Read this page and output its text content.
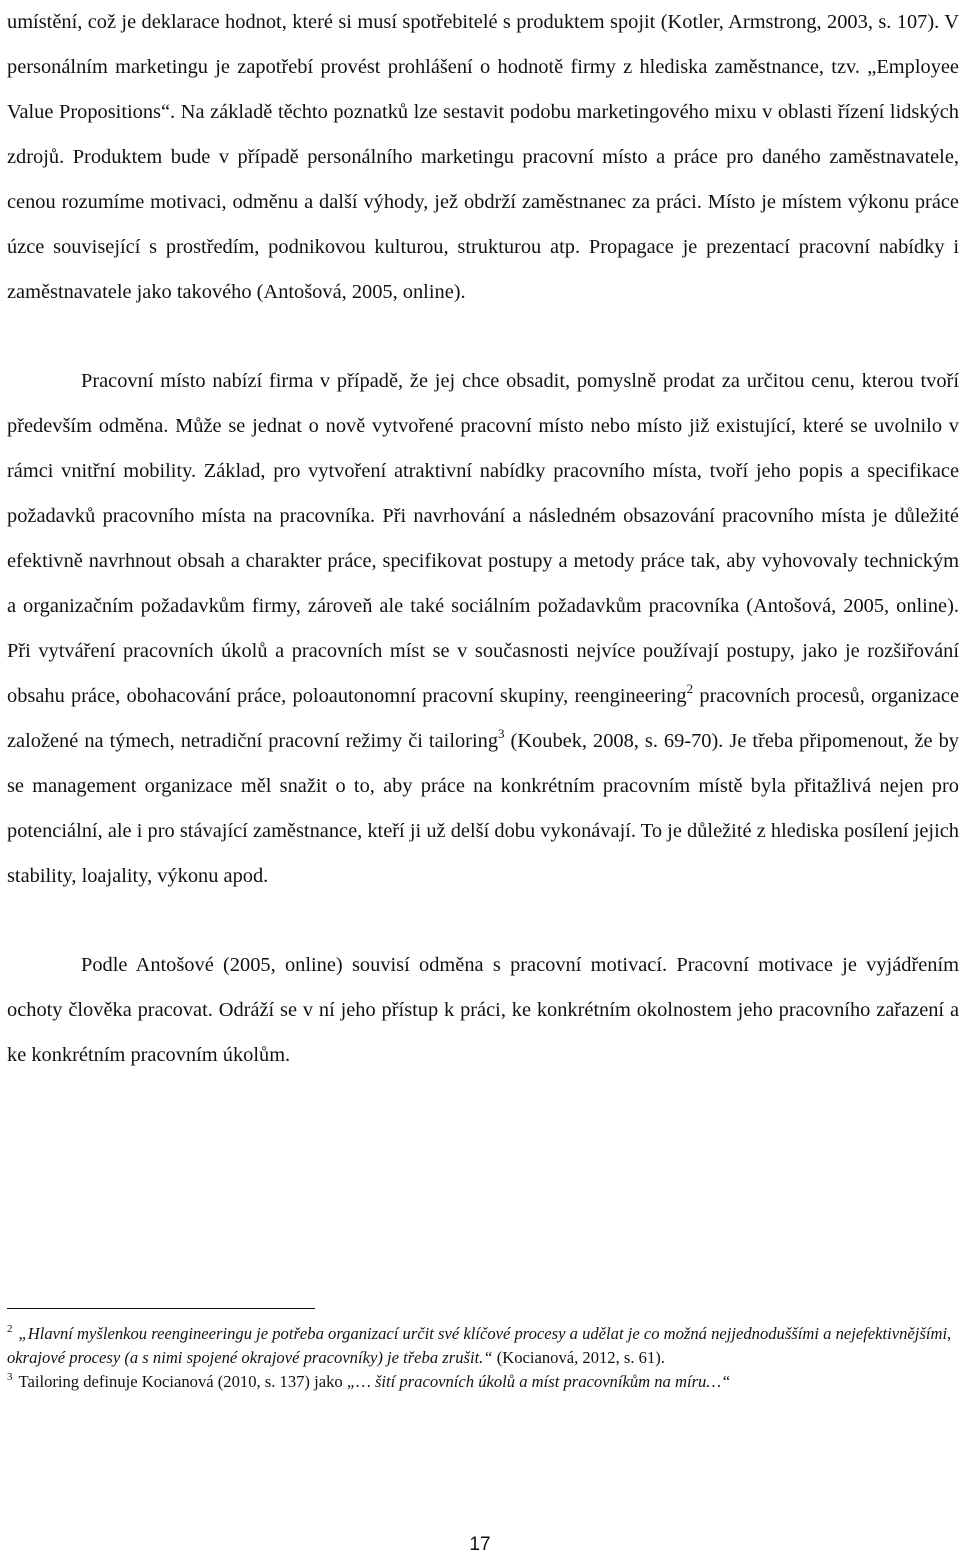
umístění, což je deklarace hodnot, které si musí spotřebitelé s produktem spojit (Kotler, Armstrong, 2003, s. 107). V personálním marketingu je zapotřebí provést prohlášení o hodnotě firmy z hlediska zaměstnance, tzv. „Employee Value Propositions“. Na základě těchto poznatků lze sestavit podobu marketingového mixu v oblasti řízení lidských zdrojů. Produktem bude v případě personálního marketingu pracovní místo a práce pro daného zaměstnavatele, cenou rozumíme motivaci, odměnu a další výhody, jež obdrží zaměstnanec za práci. Místo je místem výkonu práce úzce související s prostředím, podnikovou kulturou, strukturou atp. Propagace je prezentací pracovní nabídky i zaměstnavatele jako takového (Antošová, 2005, online).

Pracovní místo nabízí firma v případě, že jej chce obsadit, pomyslně prodat za určitou cenu, kterou tvoří především odměna. Může se jednat o nově vytvořené pracovní místo nebo místo již existující, které se uvolnilo v rámci vnitřní mobility. Základ, pro vytvoření atraktivní nabídky pracovního místa, tvoří jeho popis a specifikace požadavků pracovního místa na pracovníka. Při navrhování a následném obsazování pracovního místa je důležité efektivně navrhnout obsah a charakter práce, specifikovat postupy a metody práce tak, aby vyhovovaly technickým a organizačním požadavkům firmy, zároveň ale také sociálním požadavkům pracovníka (Antošová, 2005, online). Při vytváření pracovních úkolů a pracovních míst se v současnosti nejvíce používají postupy, jako je rozšiřování obsahu práce, obohacování práce, poloautonomní pracovní skupiny, reengineering$^2$ pracovních procesů, organizace založené na týmech, netradiční pracovní režimy či tailoring$^3$ (Koubek, 2008, s. 69-70). Je třeba připomenout, že by se management organizace měl snažit o to, aby práce na konkrétním pracovním místě byla přitažlivá nejen pro potenciální, ale i pro stávající zaměstnance, kteří ji už delší dobu vykonávají. To je důležité z hlediska posílení jejich stability, loajality, výkonu apod.

Podle Antošové (2005, online) souvisí odměna s pracovní motivací. Pracovní motivace je vyjádřením ochoty člověka pracovat. Odráží se v ní jeho přístup k práci, ke konkrétním okolnostem jeho pracovního zařazení a ke konkrétním pracovním úkolům.

$^2$ „Hlavní myšlenkou reengineeringu je potřeba organizací určit své klíčové procesy a udělat je co možná nejjednoduššími a nejefektivnějšími, okrajové procesy (a s nimi spojené okrajové pracovníky) je třeba zrušit.“ (Kocianová, 2012, s. 61).

$^3$ Tailoring definuje Kocianová (2010, s. 137) jako „… šití pracovních úkolů a míst pracovníkům na míru…“

17
